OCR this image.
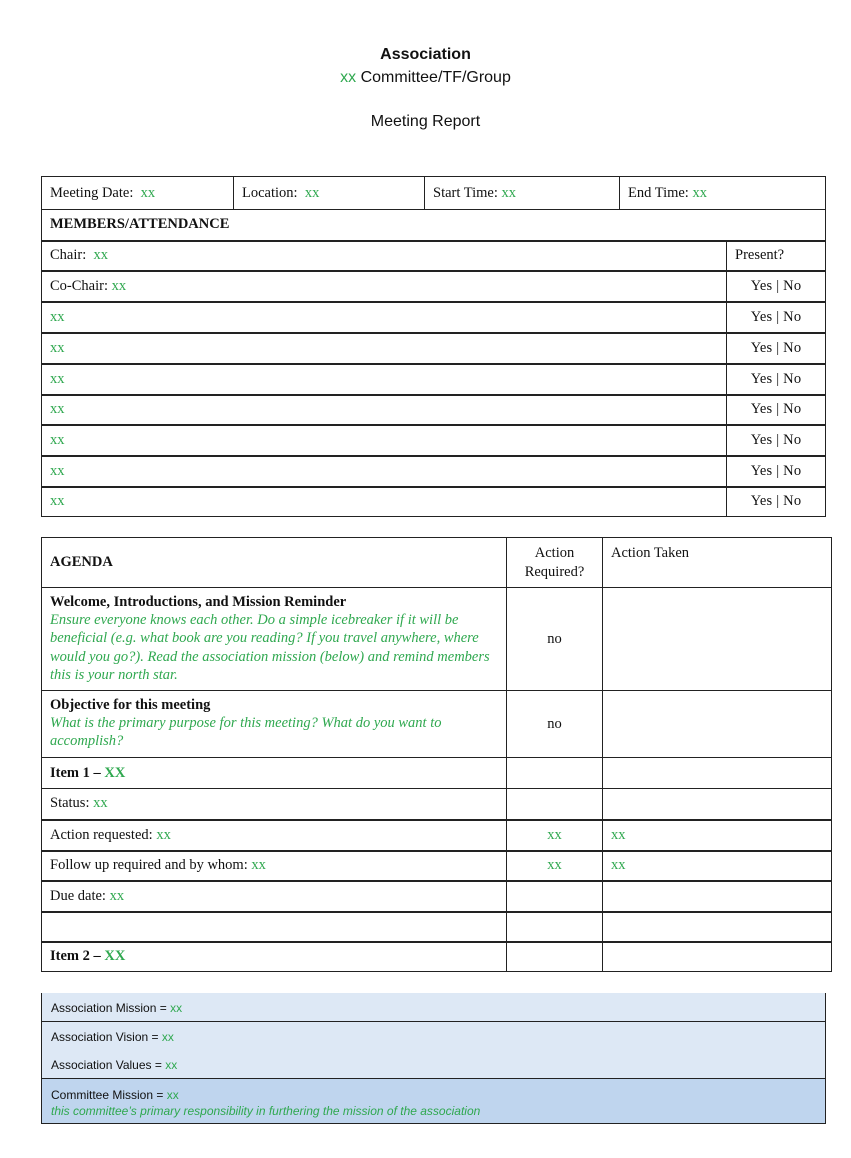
Association
xx Committee/TF/Group
Meeting Report
Meeting Date: xx	Location: xx	Start Time: xx	End Time: xx	
MEMBERS/ATTENDANCE				
Chair: xx				Present?
Co-Chair: xx				Yes | No
xx				Yes | No
xx				Yes | No
xx				Yes | No
xx				Yes | No
xx				Yes | No
xx				Yes | No
xx				Yes | No
AGENDA	Action Required?	Action Taken

Welcome, Introductions, and Mission Reminder
Ensure everyone knows each other. Do a simple icebreaker if it will be beneficial (e.g. what book are you reading? If you travel anywhere, where would you go?). Read the association mission (below) and remind members this is your north star.	no	

Objective for this meeting
What is the primary purpose for this meeting? What do you want to accomplish?	no	
Item 1 – XX		
Status: xx		
Action requested: xx	xx	xx
Follow up required and by whom: xx	xx	xx
Due date: xx		

Item 2 – XX		
Association Mission = xx
Association Vision = xx
Association Values = xx
Committee Mission = xx
this committee’s primary responsibility in furthering the mission of the association
